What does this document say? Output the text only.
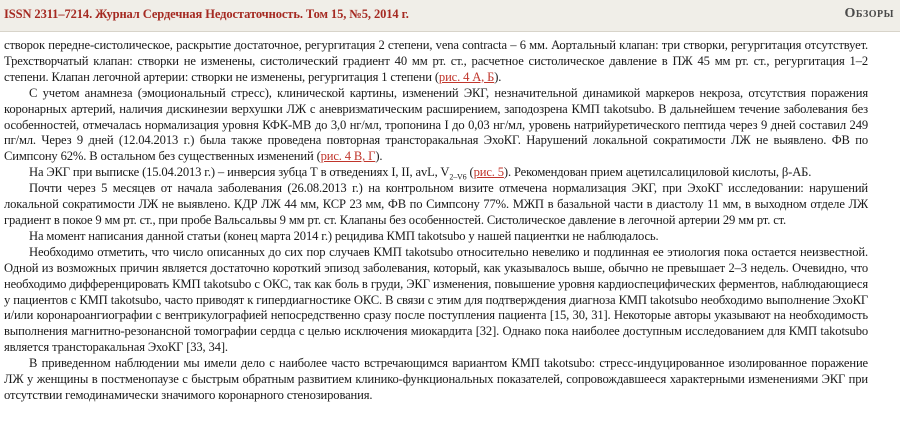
ISSN 2311–7214. Журнал Сердечная Недостаточность. Том 15, №5, 2014 г.	Обзоры

створок передне-систолическое, раскрытие достаточное, регургитация 2 степени, vena contracta – 6 мм. Аортальный клапан: три створки, регургитация отсутствует. Трехстворчатый клапан: створки не изменены, систолический градиент 40 мм рт. ст., расчетное систолическое давление в ПЖ 45 мм рт. ст., регургитация 1–2 степени. Клапан легочной артерии: створки не изменены, регургитация 1 степени (рис. 4 А, Б).

С учетом анамнеза (эмоциональный стресс), клинической картины, изменений ЭКГ, незначительной динамикой маркеров некроза, отсутствия поражения коронарных артерий, наличия дискинезии верхушки ЛЖ с аневризматическим расширением, заподозрена КМП takotsubo. В дальнейшем течение заболевания без особенностей, отмечалась нормализация уровня КФК-МВ до 3,0 нг/мл, тропонина I до 0,03 нг/мл, уровень натрийуретического пептида через 9 дней составил 249 пг/мл. Через 9 дней (12.04.2013 г.) была также проведена повторная трансторакальная ЭхоКГ. Нарушений локальной сократимости ЛЖ не выявлено. ФВ по Симпсону 62%. В остальном без существенных изменений (рис. 4 В, Г).

На ЭКГ при выписке (15.04.2013 г.) – инверсия зубца Т в отведениях I, II, avL, $V_{2-V6}$ (рис. 5). Рекомендован прием ацетилсалициловой кислоты, β-АБ.

Почти через 5 месяцев от начала заболевания (26.08.2013 г.) на контрольном визите отмечена нормализация ЭКГ, при ЭхоКГ исследовании: нарушений локальной сократимости ЛЖ не выявлено. КДР ЛЖ 44 мм, КСР 23 мм, ФВ по Симпсону 77%. МЖП в базальной части в диастолу 11 мм, в выходном отделе ЛЖ градиент в покое 9 мм рт. ст., при пробе Вальсальвы 9 мм рт. ст. Клапаны без особенностей. Систолическое давление в легочной артерии 29 мм рт. ст.

На момент написания данной статьи (конец марта 2014 г.) рецидива КМП takotsubo у нашей пациентки не наблюдалось.

Необходимо отметить, что число описанных до сих пор случаев КМП takotsubo относительно невелико и подлинная ее этиология пока остается неизвестной. Одной из возможных причин является достаточно короткий эпизод заболевания, который, как указывалось выше, обычно не превышает 2–3 недель. Очевидно, что необходимо дифференцировать КМП takotsubo с ОКС, так как боль в груди, ЭКГ изменения, повышение уровня кардиоспецифических ферментов, наблюдающиеся у пациентов с КМП takotsubo, часто приводят к гипердиагностике ОКС. В связи с этим для подтверждения диагноза КМП takotsubo необходимо выполнение ЭхоКГ и/или коронароангиографии с вентрикулографией непосредственно сразу после поступления пациента [15, 30, 31]. Некоторые авторы указывают на необходимость выполнения магнитно-резонансной томографии сердца с целью исключения миокардита [32]. Однако пока наиболее доступным исследованием для КМП takotsubo является трансторакальная ЭхоКГ [33, 34].

В приведенном наблюдении мы имели дело с наиболее часто встречающимся вариантом КМП takotsubo: стресс-индуцированное изолированное поражение ЛЖ у женщины в постменопаузе с быстрым обратным развитием клинико-функциональных показателей, сопровождавшееся характерными изменениями ЭКГ при отсутствии гемодинамически значимого коронарного стенозирования.
